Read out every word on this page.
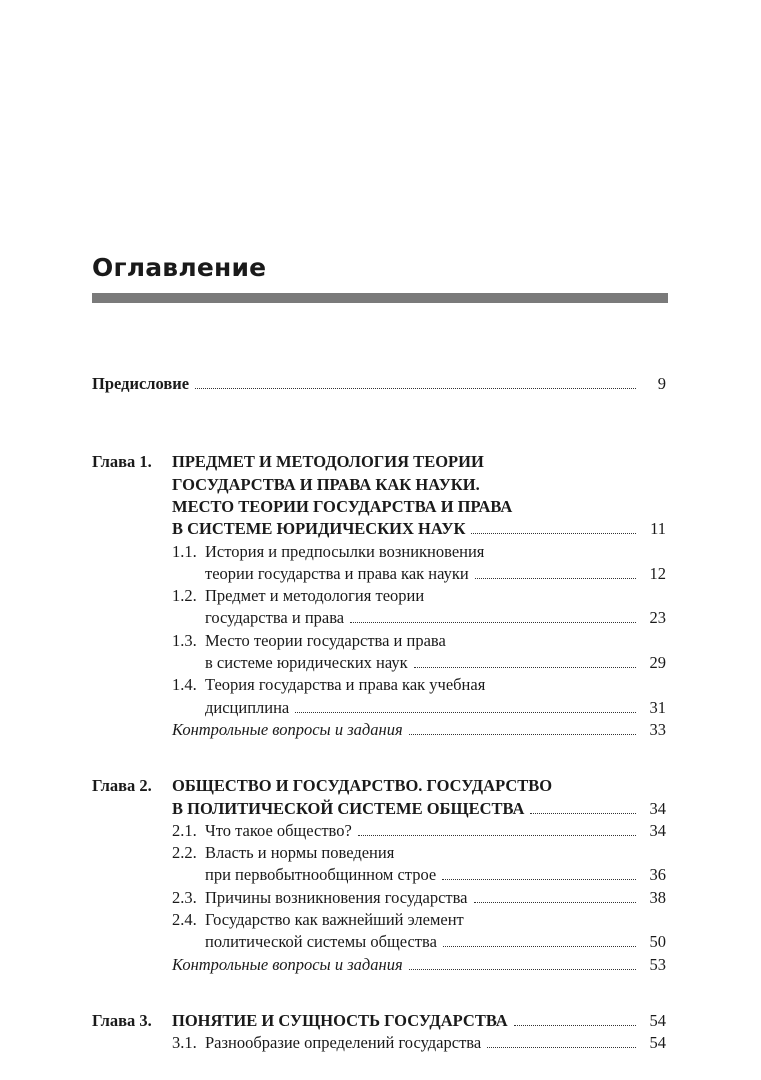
Оглавление
Предисловие	9
Глава 1. ПРЕДМЕТ И МЕТОДОЛОГИЯ ТЕОРИИ
ГОСУДАРСТВА И ПРАВА КАК НАУКИ.
МЕСТО ТЕОРИИ ГОСУДАРСТВА И ПРАВА
В СИСТЕМЕ ЮРИДИЧЕСКИХ НАУК	11
1.1. История и предпосылки возникновения
теории государства и права как науки	12
1.2. Предмет и методология теории
государства и права	23
1.3. Место теории государства и права
в системе юридических наук	29
1.4. Теория государства и права как учебная
дисциплина	31
Контрольные вопросы и задания	33
Глава 2. ОБЩЕСТВО И ГОСУДАРСТВО. ГОСУДАРСТВО
В ПОЛИТИЧЕСКОЙ СИСТЕМЕ ОБЩЕСТВА	34
2.1. Что такое общество?	34
2.2. Власть и нормы поведения
при первобытнообщинном строе	36
2.3. Причины возникновения государства	38
2.4. Государство как важнейший элемент
политической системы общества	50
Контрольные вопросы и задания	53
Глава 3. ПОНЯТИЕ И СУЩНОСТЬ ГОСУДАРСТВА	54
3.1. Разнообразие определений государства	54
